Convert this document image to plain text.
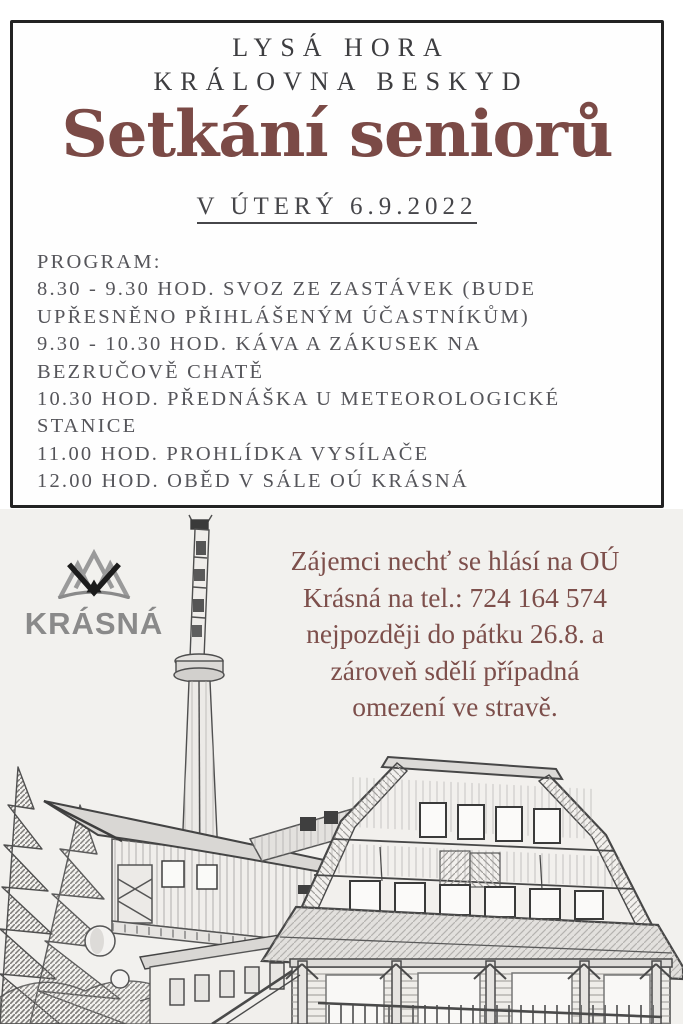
LYSÁ HORA
KRÁLOVNA BESKYD
Setkání seniorů
V ÚTERÝ 6.9.2022
PROGRAM:
8.30 - 9.30 HOD. SVOZ ZE ZASTÁVEK (BUDE
UPŘESNĚNO PŘIHLÁŠENÝM ÚČASTNÍKŮM)
9.30 - 10.30 HOD. KÁVA A ZÁKUSEK NA
BEZRUČOVĚ CHATĚ
10.30 HOD. PŘEDNÁŠKA U METEOROLOGICKÉ
STANICE
11.00 HOD. PROHLÍDKA VYSÍLAČE
12.00 HOD. OBĚD V SÁLE OÚ KRÁSNÁ
KRÁSNÁ
Zájemci nechť se hlásí na OÚ
Krásná na tel.: 724 164 574
nejpozději do pátku 26.8. a
zároveň sdělí případná
omezení ve stravě.
